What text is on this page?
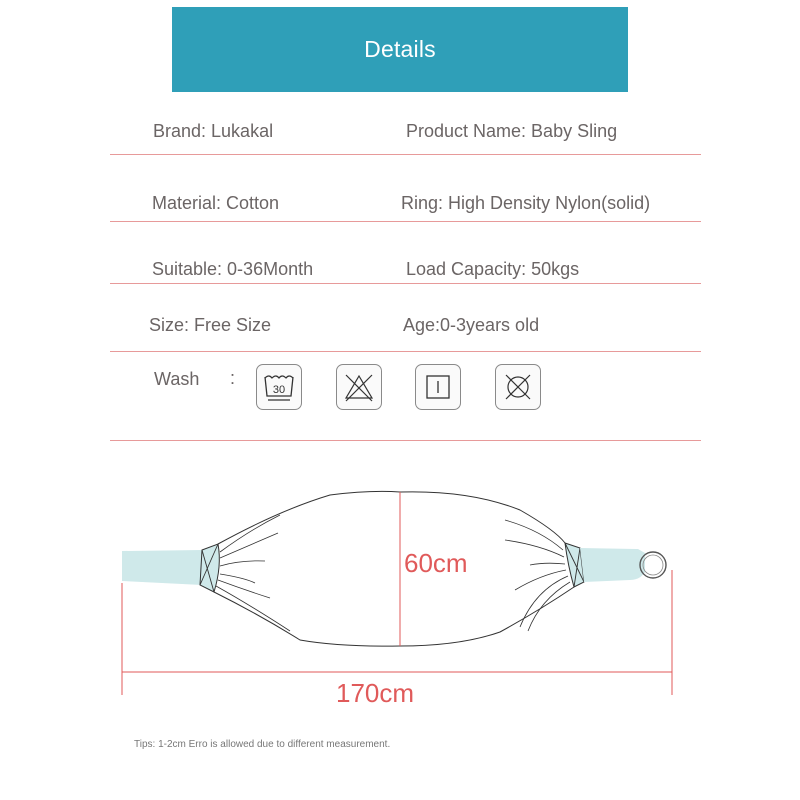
Details
Brand: Lukakal	Product Name: Baby Sling
Material: Cotton	Ring: High Density Nylon(solid)
Suitable: 0-36Month	Load Capacity: 50kgs
Size: Free Size	Age:0-3years old
Wash :
30
60cm
170cm
Tips: 1-2cm Erro is allowed due to different measurement.
